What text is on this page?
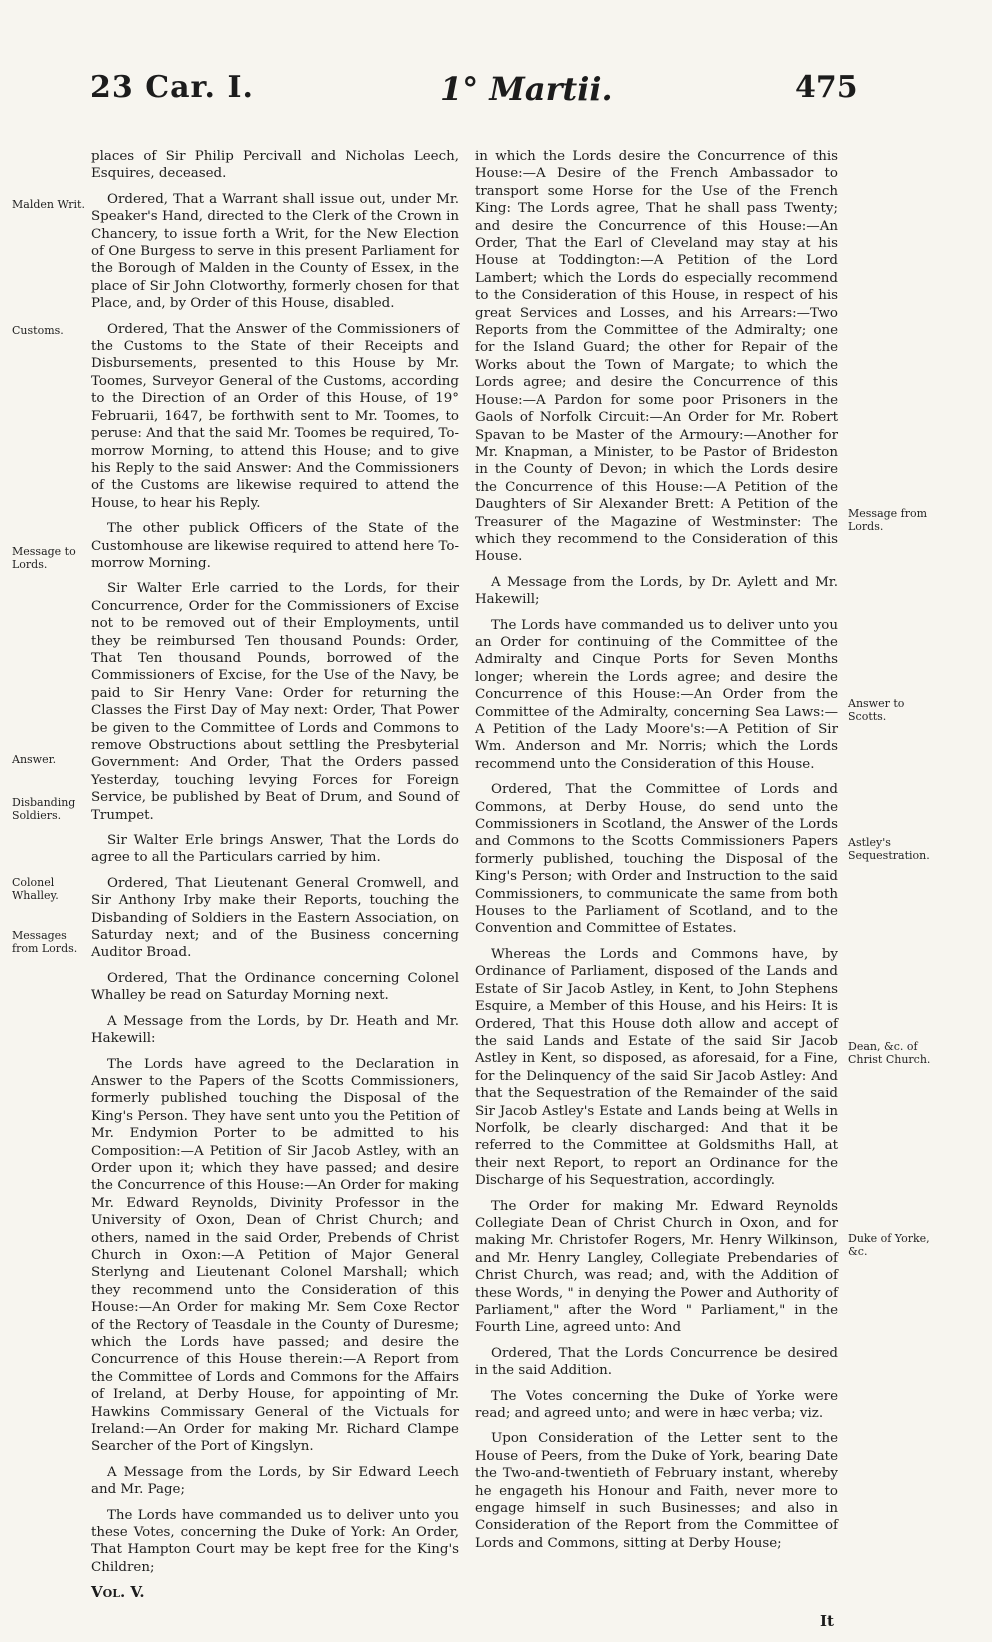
23 Car. I.	1° Martii.	475
Malden Writ.
Customs.
Message to Lords.
Answer.
Disbanding Soldiers.
Colonel Whalley.
Messages from Lords.
Message from Lords.
Answer to Scotts.
Astley's Sequestration.
Dean, &c. of Christ Church.
Duke of Yorke, &c.

places of Sir Philip Percivall and Nicholas Leech, Esquires, deceased.

Ordered, That a Warrant shall issue out, under Mr. Speaker's Hand, directed to the Clerk of the Crown in Chancery, to issue forth a Writ, for the New Election of One Burgess to serve in this present Parliament for the Borough of Malden in the County of Essex, in the place of Sir John Clotworthy, formerly chosen for that Place, and, by Order of this House, disabled.

Ordered, That the Answer of the Commissioners of the Customs to the State of their Receipts and Disbursements, presented to this House by Mr. Toomes, Surveyor General of the Customs, according to the Direction of an Order of this House, of 19° Februarii, 1647, be forthwith sent to Mr. Toomes, to peruse: And that the said Mr. Toomes be required, To-morrow Morning, to attend this House; and to give his Reply to the said Answer: And the Commissioners of the Customs are likewise required to attend the House, to hear his Reply.

The other publick Officers of the State of the Customhouse are likewise required to attend here To-morrow Morning.

Sir Walter Erle carried to the Lords, for their Concurrence, Order for the Commissioners of Excise not to be removed out of their Employments, until they be reimbursed Ten thousand Pounds: Order, That Ten thousand Pounds, borrowed of the Commissioners of Excise, for the Use of the Navy, be paid to Sir Henry Vane: Order for returning the Classes the First Day of May next: Order, That Power be given to the Committee of Lords and Commons to remove Obstructions about settling the Presbyterial Government: And Order, That the Orders passed Yesterday, touching levying Forces for Foreign Service, be published by Beat of Drum, and Sound of Trumpet.

Sir Walter Erle brings Answer, That the Lords do agree to all the Particulars carried by him.

Ordered, That Lieutenant General Cromwell, and Sir Anthony Irby make their Reports, touching the Disbanding of Soldiers in the Eastern Association, on Saturday next; and of the Business concerning Auditor Broad.

Ordered, That the Ordinance concerning Colonel Whalley be read on Saturday Morning next.

A Message from the Lords, by Dr. Heath and Mr. Hakewill:

The Lords have agreed to the Declaration in Answer to the Papers of the Scotts Commissioners, formerly published touching the Disposal of the King's Person. They have sent unto you the Petition of Mr. Endymion Porter to be admitted to his Composition:—A Petition of Sir Jacob Astley, with an Order upon it; which they have passed; and desire the Concurrence of this House:—An Order for making Mr. Edward Reynolds, Divinity Professor in the University of Oxon, Dean of Christ Church; and others, named in the said Order, Prebends of Christ Church in Oxon:—A Petition of Major General Sterlyng and Lieutenant Colonel Marshall; which they recommend unto the Consideration of this House:—An Order for making Mr. Sem Coxe Rector of the Rectory of Teasdale in the County of Duresme; which the Lords have passed; and desire the Concurrence of this House therein:—A Report from the Committee of Lords and Commons for the Affairs of Ireland, at Derby House, for appointing of Mr. Hawkins Commissary General of the Victuals for Ireland:—An Order for making Mr. Richard Clampe Searcher of the Port of Kingslyn.

A Message from the Lords, by Sir Edward Leech and Mr. Page;

The Lords have commanded us to deliver unto you these Votes, concerning the Duke of York: An Order, That Hampton Court may be kept free for the King's Children;

Vol. V.

in which the Lords desire the Concurrence of this House:—A Desire of the French Ambassador to transport some Horse for the Use of the French King: The Lords agree, That he shall pass Twenty; and desire the Concurrence of this House:—An Order, That the Earl of Cleveland may stay at his House at Toddington:—A Petition of the Lord Lambert; which the Lords do especially recommend to the Consideration of this House, in respect of his great Services and Losses, and his Arrears:—Two Reports from the Committee of the Admiralty; one for the Island Guard; the other for Repair of the Works about the Town of Margate; to which the Lords agree; and desire the Concurrence of this House:—A Pardon for some poor Prisoners in the Gaols of Norfolk Circuit:—An Order for Mr. Robert Spavan to be Master of the Armoury:—Another for Mr. Knapman, a Minister, to be Pastor of Brideston in the County of Devon; in which the Lords desire the Concurrence of this House:—A Petition of the Daughters of Sir Alexander Brett: A Petition of the Treasurer of the Magazine of Westminster: The which they recommend to the Consideration of this House.

A Message from the Lords, by Dr. Aylett and Mr. Hakewill;

The Lords have commanded us to deliver unto you an Order for continuing of the Committee of the Admiralty and Cinque Ports for Seven Months longer; wherein the Lords agree; and desire the Concurrence of this House:—An Order from the Committee of the Admiralty, concerning Sea Laws:—A Petition of the Lady Moore's:—A Petition of Sir Wm. Anderson and Mr. Norris; which the Lords recommend unto the Consideration of this House.

Ordered, That the Committee of Lords and Commons, at Derby House, do send unto the Commissioners in Scotland, the Answer of the Lords and Commons to the Scotts Commissioners Papers formerly published, touching the Disposal of the King's Person; with Order and Instruction to the said Commissioners, to communicate the same from both Houses to the Parliament of Scotland, and to the Convention and Committee of Estates.

Whereas the Lords and Commons have, by Ordinance of Parliament, disposed of the Lands and Estate of Sir Jacob Astley, in Kent, to John Stephens Esquire, a Member of this House, and his Heirs: It is Ordered, That this House doth allow and accept of the said Lands and Estate of the said Sir Jacob Astley in Kent, so disposed, as aforesaid, for a Fine, for the Delinquency of the said Sir Jacob Astley: And that the Sequestration of the Remainder of the said Sir Jacob Astley's Estate and Lands being at Wells in Norfolk, be clearly discharged: And that it be referred to the Committee at Goldsmiths Hall, at their next Report, to report an Ordinance for the Discharge of his Sequestration, accordingly.

The Order for making Mr. Edward Reynolds Collegiate Dean of Christ Church in Oxon, and for making Mr. Christofer Rogers, Mr. Henry Wilkinson, and Mr. Henry Langley, Collegiate Prebendaries of Christ Church, was read; and, with the Addition of these Words, " in denying the Power and Authority of Parliament," after the Word " Parliament," in the Fourth Line, agreed unto: And

Ordered, That the Lords Concurrence be desired in the said Addition.

The Votes concerning the Duke of Yorke were read; and agreed unto; and were in hæc verba; viz.

Upon Consideration of the Letter sent to the House of Peers, from the Duke of York, bearing Date the Two-and-twentieth of February instant, whereby he engageth his Honour and Faith, never more to engage himself in such Businesses; and also in Consideration of the Report from the Committee of Lords and Commons, sitting at Derby House;

It
